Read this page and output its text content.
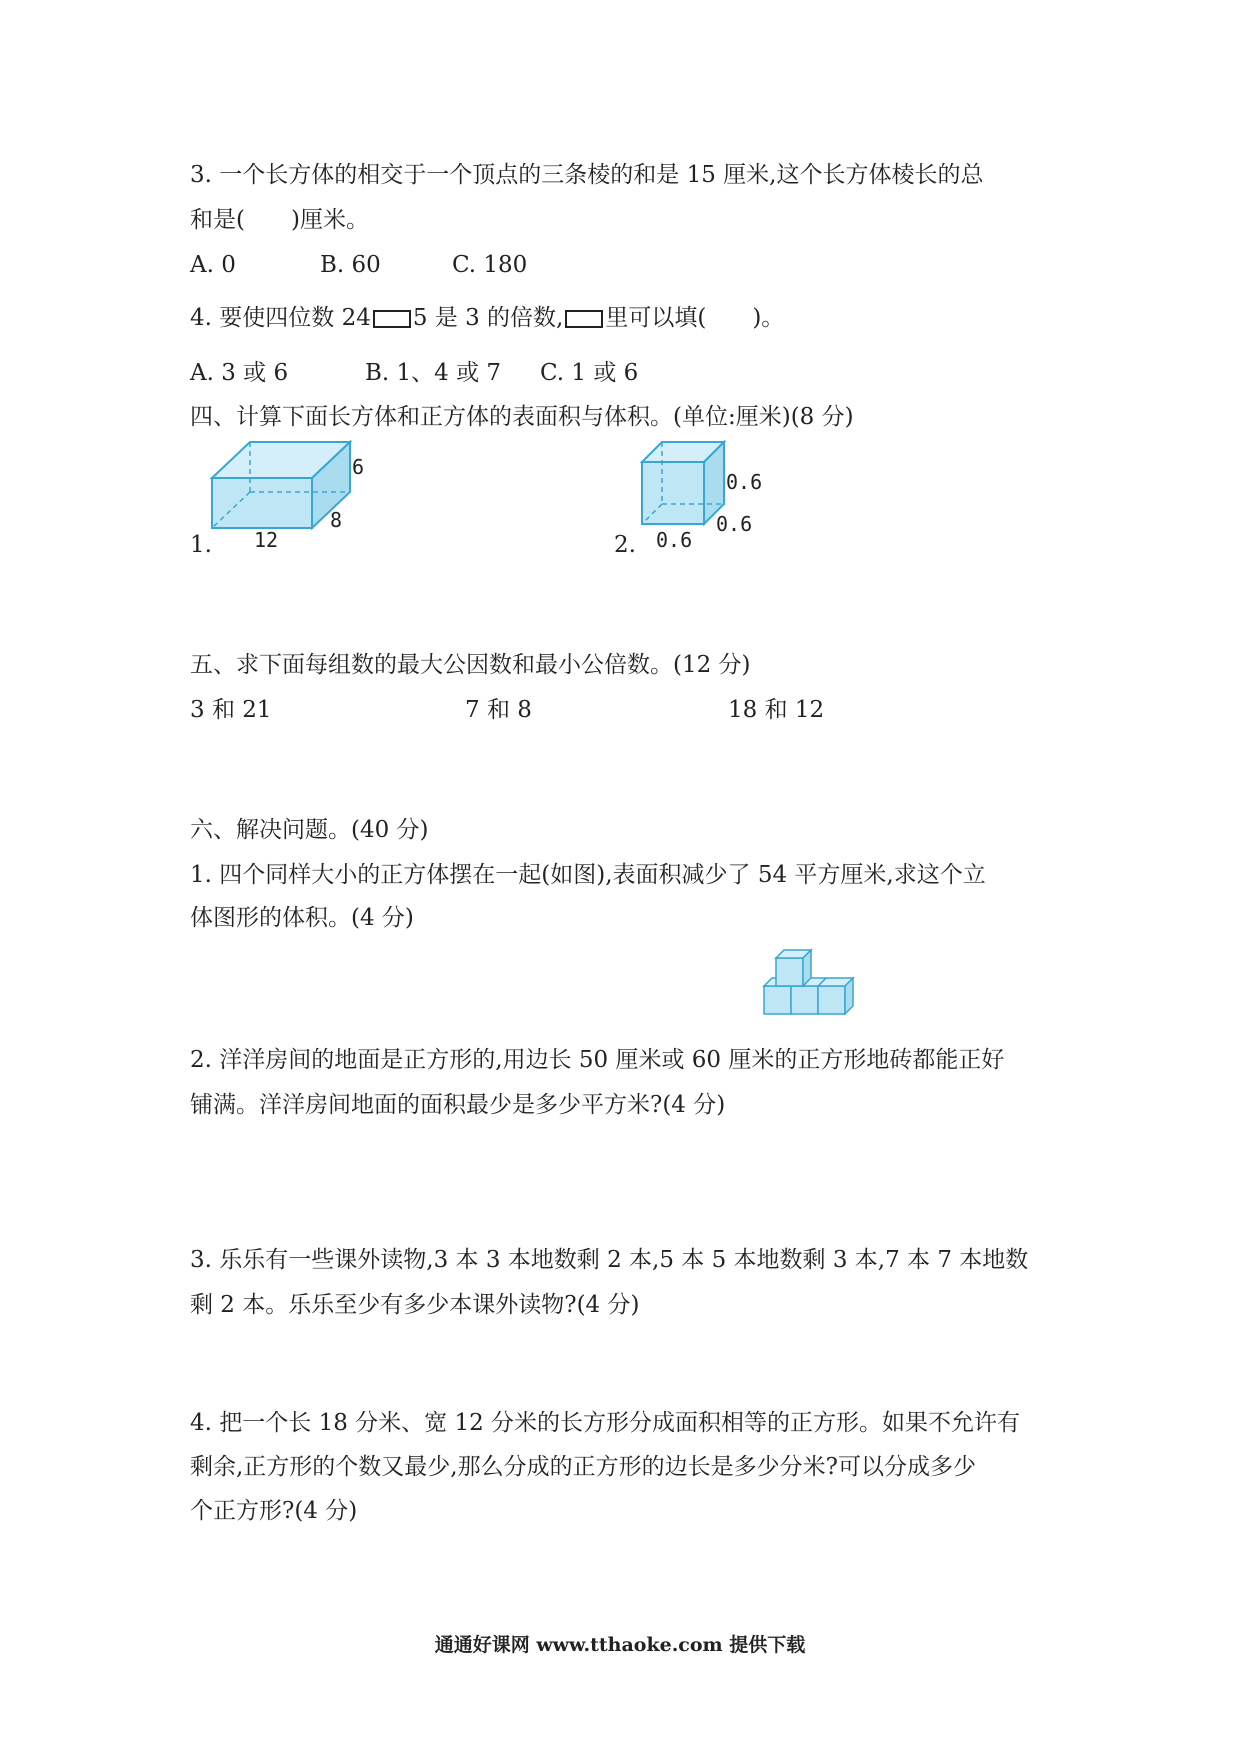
3. 一个长方体的相交于一个顶点的三条棱的和是 15 厘米,这个长方体棱长的总
和是(　　)厘米。
A. 0	B. 60	C. 180
4. 要使四位数 24 5 是 3 的倍数, 里可以填(　　)。
A. 3 或 6	B. 1、4 或 7 C. 1 或 6
四、计算下面长方体和正方体的表面积与体积。(单位:厘米)(8 分)
1. 12
8
6
2. 0.6
0.6
0.6
五、求下面每组数的最大公因数和最小公倍数。(12 分)
3 和 21	7 和 8	18 和 12
六、解决问题。(40 分)
1. 四个同样大小的正方体摆在一起(如图),表面积减少了 54 平方厘米,求这个立
体图形的体积。(4 分)
2. 洋洋房间的地面是正方形的,用边长 50 厘米或 60 厘米的正方形地砖都能正好
铺满。洋洋房间地面的面积最少是多少平方米?(4 分)
3. 乐乐有一些课外读物,3 本 3 本地数剩 2 本,5 本 5 本地数剩 3 本,7 本 7 本地数
剩 2 本。乐乐至少有多少本课外读物?(4 分)
4. 把一个长 18 分米、宽 12 分米的长方形分成面积相等的正方形。如果不允许有
剩余,正方形的个数又最少,那么分成的正方形的边长是多少分米?可以分成多少
个正方形?(4 分)
通通好课网 www.tthaoke.com 提供下载
